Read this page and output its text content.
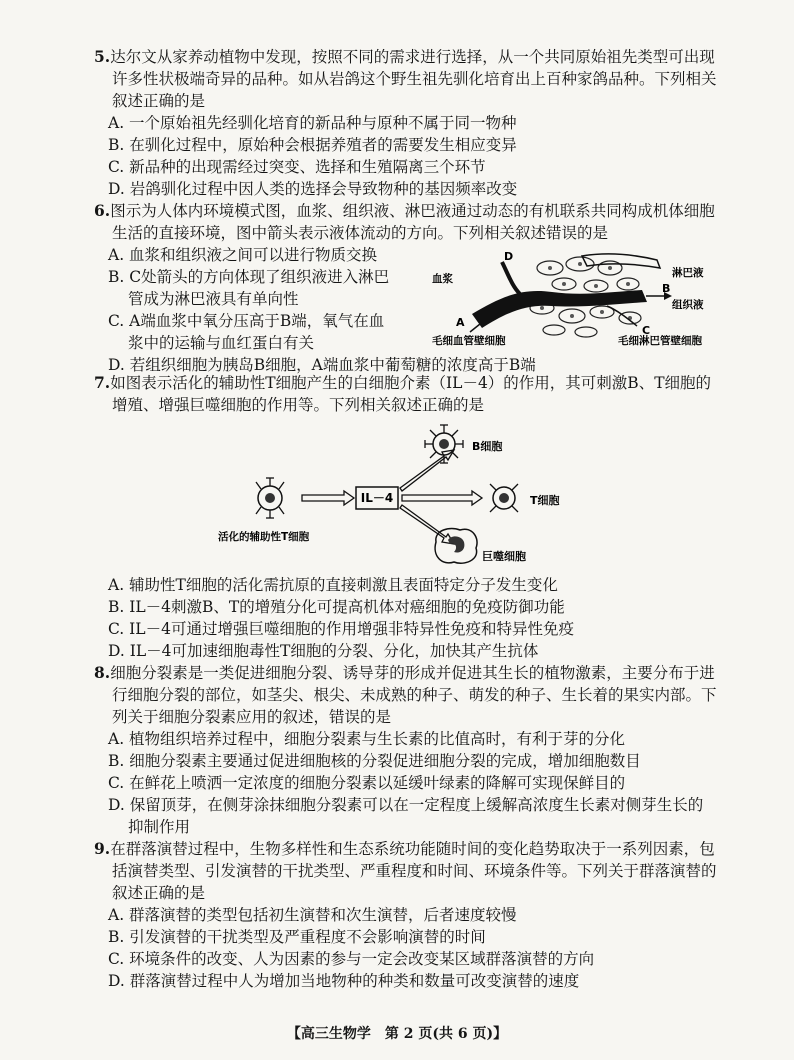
5.达尔文从家养动植物中发现，按照不同的需求进行选择，从一个共同原始祖先类型可出现许多性状极端奇异的品种。如从岩鸽这个野生祖先驯化培育出上百种家鸽品种。下列相关叙述正确的是

A. 一个原始祖先经驯化培育的新品种与原种不属于同一物种

B. 在驯化过程中，原始种会根据养殖者的需要发生相应变异

C. 新品种的出现需经过突变、选择和生殖隔离三个环节

D. 岩鸽驯化过程中因人类的选择会导致物种的基因频率改变

6.图示为人体内环境模式图，血浆、组织液、淋巴液通过动态的有机联系共同构成机体细胞生活的直接环境，图中箭头表示液体流动的方向。下列相关叙述错误的是

A. 血浆和组织液之间可以进行物质交换

B. C处箭头的方向体现了组织液进入淋巴

管成为淋巴液具有单向性

C. A端血浆中氧分压高于B端，氧气在血

浆中的运输与血红蛋白有关

D. 若组织细胞为胰岛B细胞，A端血浆中葡萄糖的浓度高于B端

血浆	淋巴液
组织液
毛细血管壁细胞	毛细淋巴管壁细胞
A
B
C
D

7.如图表示活化的辅助性T细胞产生的白细胞介素（IL－4）的作用，其可刺激B、T细胞的增殖、增强巨噬细胞的作用等。下列相关叙述正确的是

IL－4
B细胞
T细胞
巨噬细胞
活化的辅助性T细胞

A. 辅助性T细胞的活化需抗原的直接刺激且表面特定分子发生变化

B. IL－4刺激B、T的增殖分化可提高机体对癌细胞的免疫防御功能

C. IL－4可通过增强巨噬细胞的作用增强非特异性免疫和特异性免疫

D. IL－4可加速细胞毒性T细胞的分裂、分化，加快其产生抗体

8.细胞分裂素是一类促进细胞分裂、诱导芽的形成并促进其生长的植物激素，主要分布于进行细胞分裂的部位，如茎尖、根尖、未成熟的种子、萌发的种子、生长着的果实内部。下列关于细胞分裂素应用的叙述，错误的是

A. 植物组织培养过程中，细胞分裂素与生长素的比值高时，有利于芽的分化

B. 细胞分裂素主要通过促进细胞核的分裂促进细胞分裂的完成，增加细胞数目

C. 在鲜花上喷洒一定浓度的细胞分裂素以延缓叶绿素的降解可实现保鲜目的

D. 保留顶芽，在侧芽涂抹细胞分裂素可以在一定程度上缓解高浓度生长素对侧芽生长的

抑制作用

9.在群落演替过程中，生物多样性和生态系统功能随时间的变化趋势取决于一系列因素，包括演替类型、引发演替的干扰类型、严重程度和时间、环境条件等。下列关于群落演替的叙述正确的是

A. 群落演替的类型包括初生演替和次生演替，后者速度较慢

B. 引发演替的干扰类型及严重程度不会影响演替的时间

C. 环境条件的改变、人为因素的参与一定会改变某区域群落演替的方向

D. 群落演替过程中人为增加当地物种的种类和数量可改变演替的速度

【高三生物学　第 2 页(共 6 页)】
